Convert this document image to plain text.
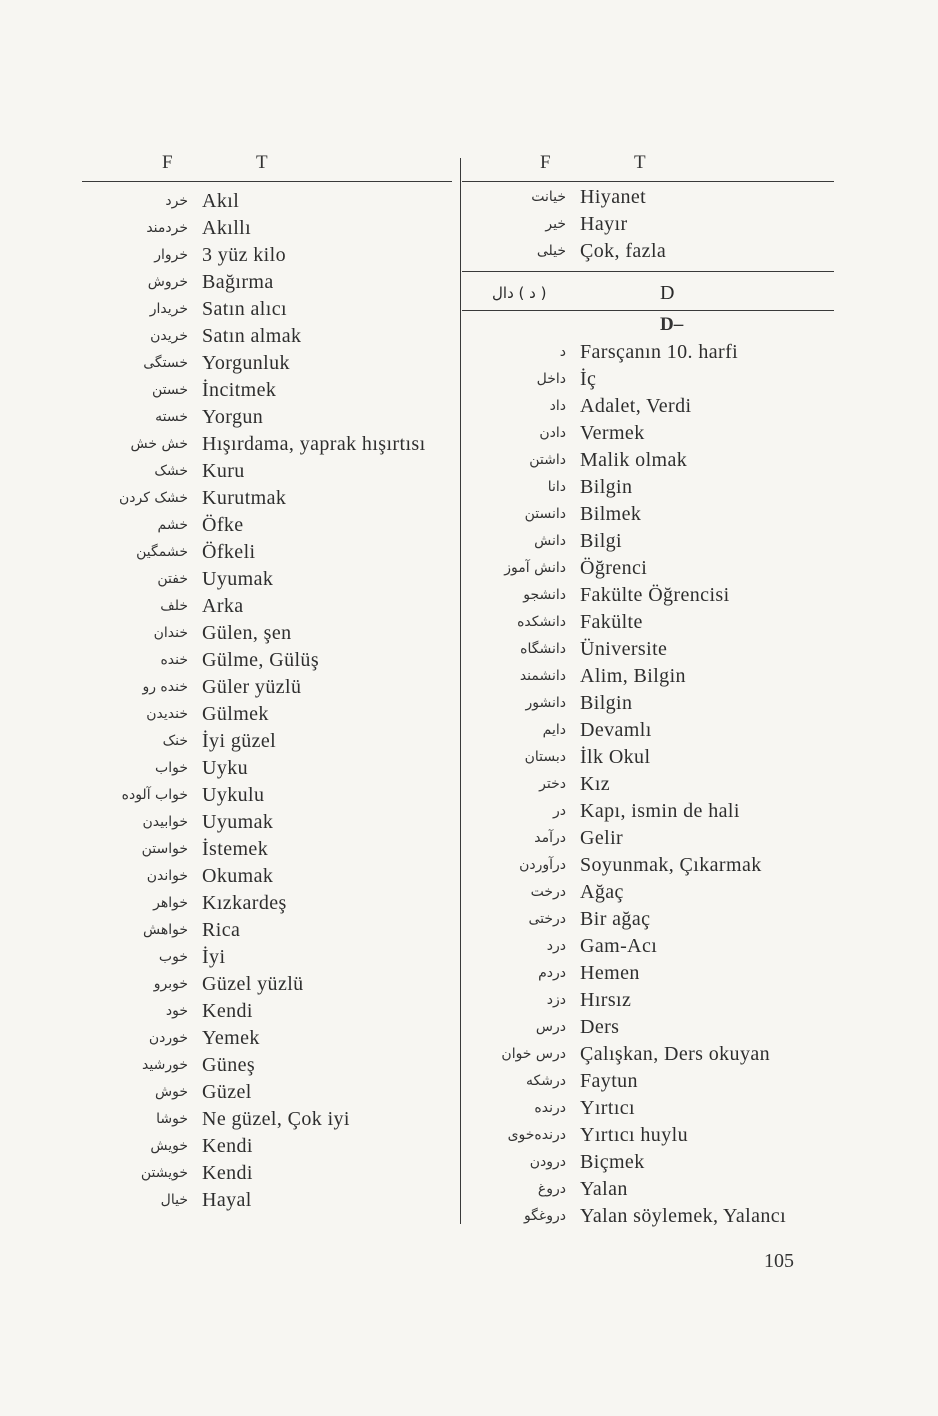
F	T	F	T
خرد Akıl
خردمند Akıllı
خروار 3 yüz kilo
خروش Bağırma
خریدار Satın alıcı
خریدن Satın almak
خستگی Yorgunluk
خستن İncitmek
خسته Yorgun
خش خش Hışırdama, yaprak hışırtısı
خشک Kuru
خشک کردن Kurutmak
خشم Öfke
خشمگین Öfkeli
خفتن Uyumak
خلف Arka
خندان Gülen, şen
خنده Gülme, Gülüş
خنده رو Güler yüzlü
خندیدن Gülmek
خنک İyi güzel
خواب Uyku
خواب آلوده Uykulu
خوابیدن Uyumak
خواستن İstemek
خواندن Okumak
خواهر Kızkardeş
خواهش Rica
خوب İyi
خوبرو Güzel yüzlü
خود Kendi
خوردن Yemek
خورشید Güneş
خوش Güzel
خوشا Ne güzel, Çok iyi
خویش Kendi
خویشتن Kendi
خیال Hayal
خیانت Hiyanet
خیر Hayır
خیلی Çok, fazla
( د ) دال	D
D–
د Farsçanın 10. harfi
داخل İç
داد Adalet, Verdi
دادن Vermek
داشتن Malik olmak
دانا Bilgin
دانستن Bilmek
دانش Bilgi
دانش آموز Öğrenci
دانشجو Fakülte Öğrencisi
دانشکده Fakülte
دانشگاه Üniversite
دانشمند Alim, Bilgin
دانشور Bilgin
دایم Devamlı
دبستان İlk Okul
دختر Kız
در Kapı, ismin de hali
درآمد Gelir
درآوردن Soyunmak, Çıkarmak
درخت Ağaç
درختی Bir ağaç
درد Gam-Acı
دردم Hemen
دزد Hırsız
درس Ders
درس خوان Çalışkan, Ders okuyan
درشکه Faytun
درنده Yırtıcı
درنده‌خوی Yırtıcı huylu
درودن Biçmek
دروغ Yalan
دروغگو Yalan söylemek, Yalancı
105
